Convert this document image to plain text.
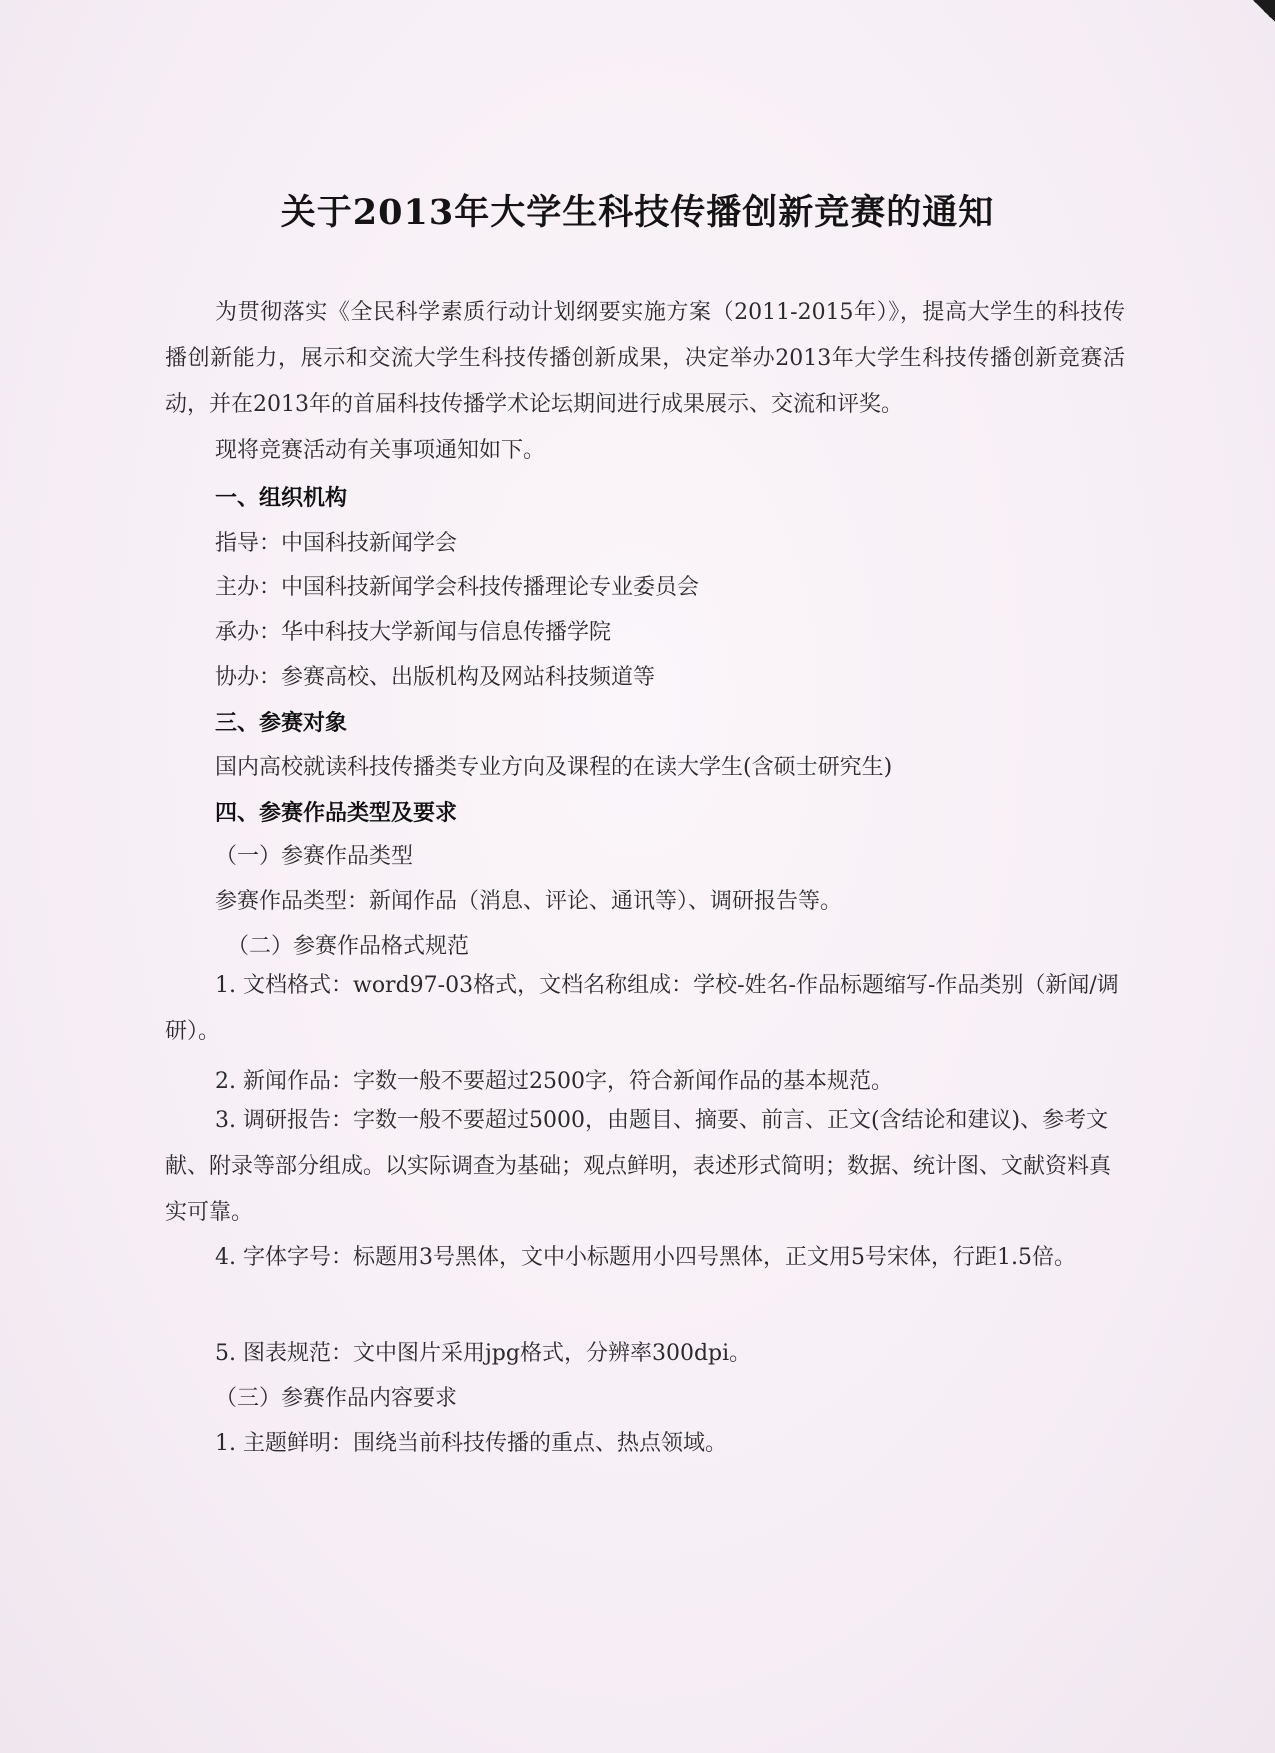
关于2013年大学生科技传播创新竞赛的通知

为贯彻落实《全民科学素质行动计划纲要实施方案（2011-2015年）》，提高大学生的科技传播创新能力，展示和交流大学生科技传播创新成果，决定举办2013年大学生科技传播创新竞赛活动，并在2013年的首届科技传播学术论坛期间进行成果展示、交流和评奖。

现将竞赛活动有关事项通知如下。

一、组织机构
指导：中国科技新闻学会
主办：中国科技新闻学会科技传播理论专业委员会
承办：华中科技大学新闻与信息传播学院
协办：参赛高校、出版机构及网站科技频道等
三、参赛对象
国内高校就读科技传播类专业方向及课程的在读大学生(含硕士研究生)
四、参赛作品类型及要求
（一）参赛作品类型
参赛作品类型：新闻作品（消息、评论、通讯等）、调研报告等。
（二）参赛作品格式规范
1. 文档格式：word97-03格式，文档名称组成：学校-姓名-作品标题缩写-作品类别（新闻/调研）。
2. 新闻作品：字数一般不要超过2500字，符合新闻作品的基本规范。
3. 调研报告：字数一般不要超过5000，由题目、摘要、前言、正文(含结论和建议)、参考文献、附录等部分组成。以实际调查为基础；观点鲜明，表述形式简明；数据、统计图、文献资料真实可靠。
4. 字体字号：标题用3号黑体，文中小标题用小四号黑体，正文用5号宋体，行距1.5倍。
5. 图表规范：文中图片采用jpg格式，分辨率300dpi。
（三）参赛作品内容要求
1. 主题鲜明：围绕当前科技传播的重点、热点领域。
